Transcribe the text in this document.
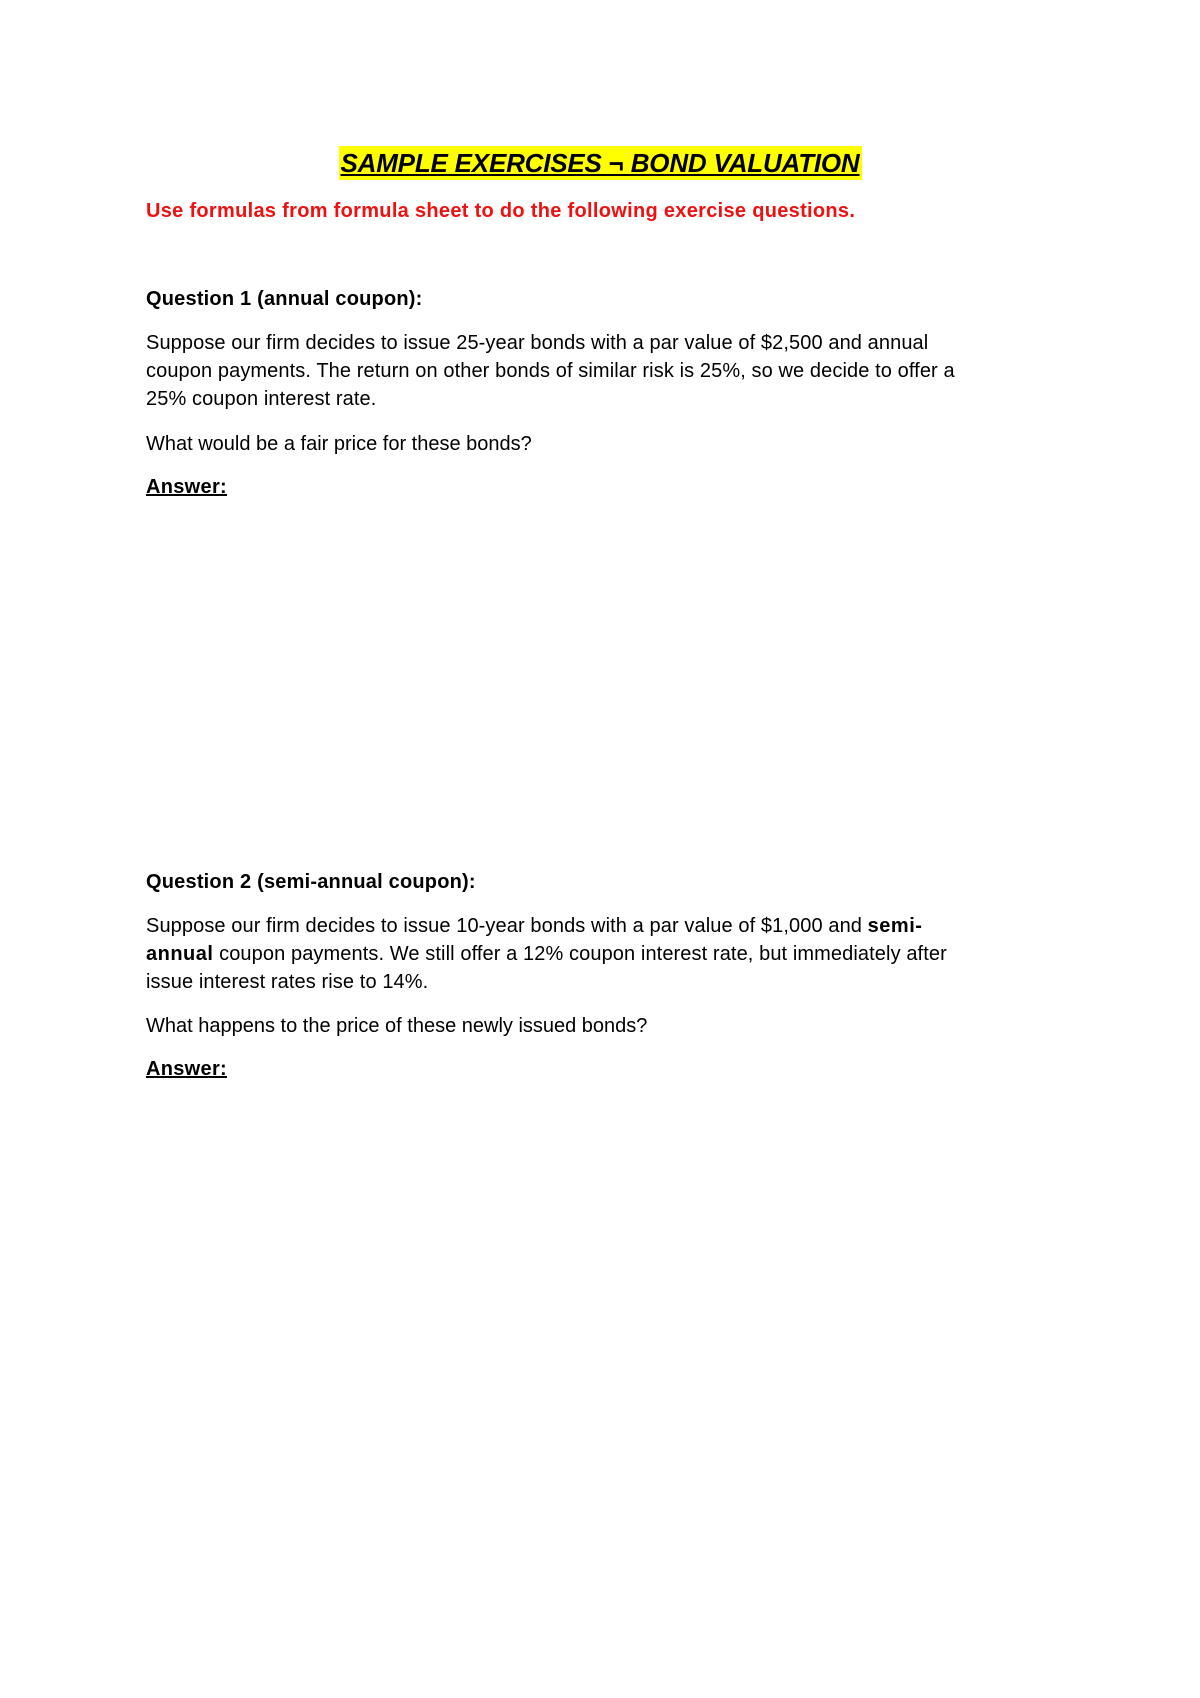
SAMPLE EXERCISES ¬ BOND VALUATION
Use formulas from formula sheet to do the following exercise questions.
Question 1 (annual coupon):
Suppose our firm decides to issue 25-year bonds with a par value of $2,500 and annual
coupon payments. The return on other bonds of similar risk is 25%, so we decide to offer a
25% coupon interest rate.
What would be a fair price for these bonds?
Answer:
Question 2 (semi-annual coupon):
Suppose our firm decides to issue 10-year bonds with a par value of $1,000 and semi-
annual coupon payments. We still offer a 12% coupon interest rate, but immediately after
issue interest rates rise to 14%.
What happens to the price of these newly issued bonds?
Answer:
